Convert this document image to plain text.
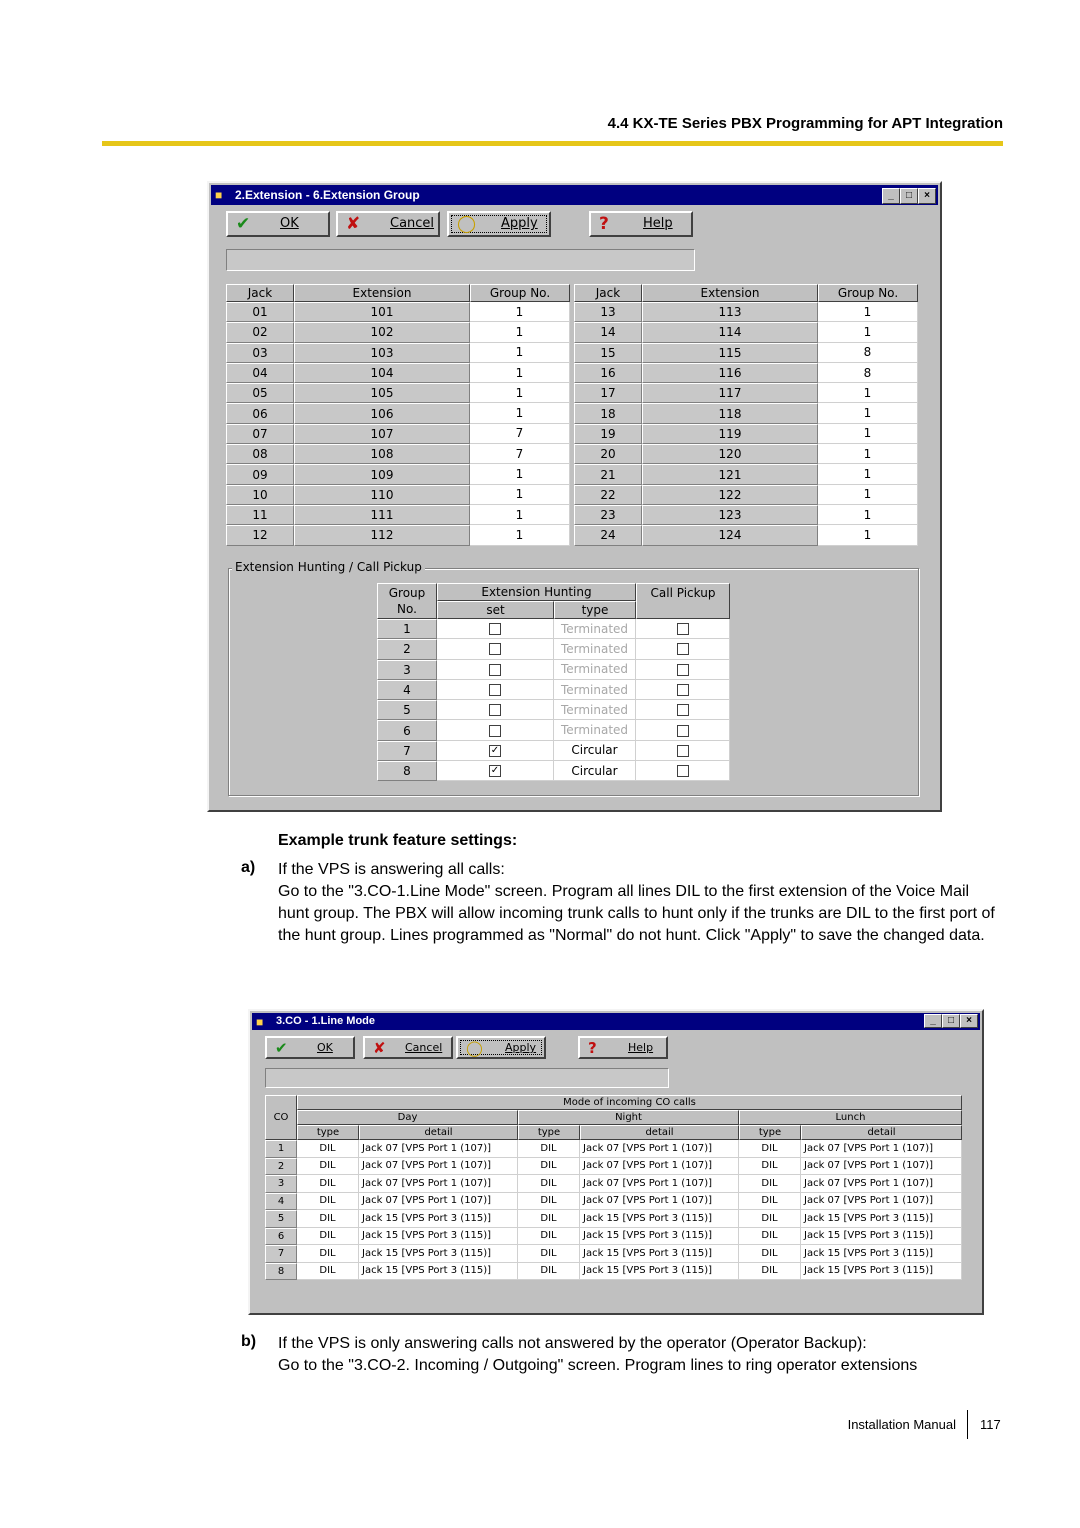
4.4 KX-TE Series PBX Programming for APT Integration
■	2.Extension - 6.Extension Group	_	□	×
✔ OK	✘ Cancel ◯ Apply	?	Help
Jack	Extension	Group No.
01	101	1
02	102	1
03	103	1
04	104	1
05	105	1
06	106	1
07	107	7
08	108	7
09	109	1
10	110	1
11	111	1
12	112	1
Jack	Extension	Group No.
13	113	1
14	114	1
15	115	8
16	116	8
17	117	1
18	118	1
19	119	1
20	120	1
21	121	1
22	122	1
23	123	1
24	124	1
Extension Hunting / Call Pickup
Group
No.	Extension Hunting		Call Pickup
	set	type	
1		Terminated	
2		Terminated	
3		Terminated	
4		Terminated	
5		Terminated	
6		Terminated	
7	✓	Circular	
8	✓	Circular	
Example trunk feature settings:
a) If the VPS is answering all calls:
Go to the "3.CO-1.Line Mode" screen. Program all lines DIL to the first extension of the Voice Mail hunt group. The PBX will allow incoming trunk calls to hunt only if the trunks are DIL to the first port of the hunt group. Lines programmed as "Normal" do not hunt. Click "Apply" to save the changed data.
■	3.CO - 1.Line Mode	_	□	×
✔	OK	✘ Cancel ◯ Apply	?	Help
CO	Mode of incoming CO calls					
	Day		Night		Lunch	
	type	detail	type	detail	type	detail
1	DIL	Jack 07 [VPS Port 1 (107)]	DIL	Jack 07 [VPS Port 1 (107)]	DIL	Jack 07 [VPS Port 1 (107)]
2	DIL	Jack 07 [VPS Port 1 (107)]	DIL	Jack 07 [VPS Port 1 (107)]	DIL	Jack 07 [VPS Port 1 (107)]
3	DIL	Jack 07 [VPS Port 1 (107)]	DIL	Jack 07 [VPS Port 1 (107)]	DIL	Jack 07 [VPS Port 1 (107)]
4	DIL	Jack 07 [VPS Port 1 (107)]	DIL	Jack 07 [VPS Port 1 (107)]	DIL	Jack 07 [VPS Port 1 (107)]
5	DIL	Jack 15 [VPS Port 3 (115)]	DIL	Jack 15 [VPS Port 3 (115)]	DIL	Jack 15 [VPS Port 3 (115)]
6	DIL	Jack 15 [VPS Port 3 (115)]	DIL	Jack 15 [VPS Port 3 (115)]	DIL	Jack 15 [VPS Port 3 (115)]
7	DIL	Jack 15 [VPS Port 3 (115)]	DIL	Jack 15 [VPS Port 3 (115)]	DIL	Jack 15 [VPS Port 3 (115)]
8	DIL	Jack 15 [VPS Port 3 (115)]	DIL	Jack 15 [VPS Port 3 (115)]	DIL	Jack 15 [VPS Port 3 (115)]
b) If the VPS is only answering calls not answered by the operator (Operator Backup):
Go to the "3.CO-2. Incoming / Outgoing" screen. Program lines to ring operator extensions
Installation Manual 117
